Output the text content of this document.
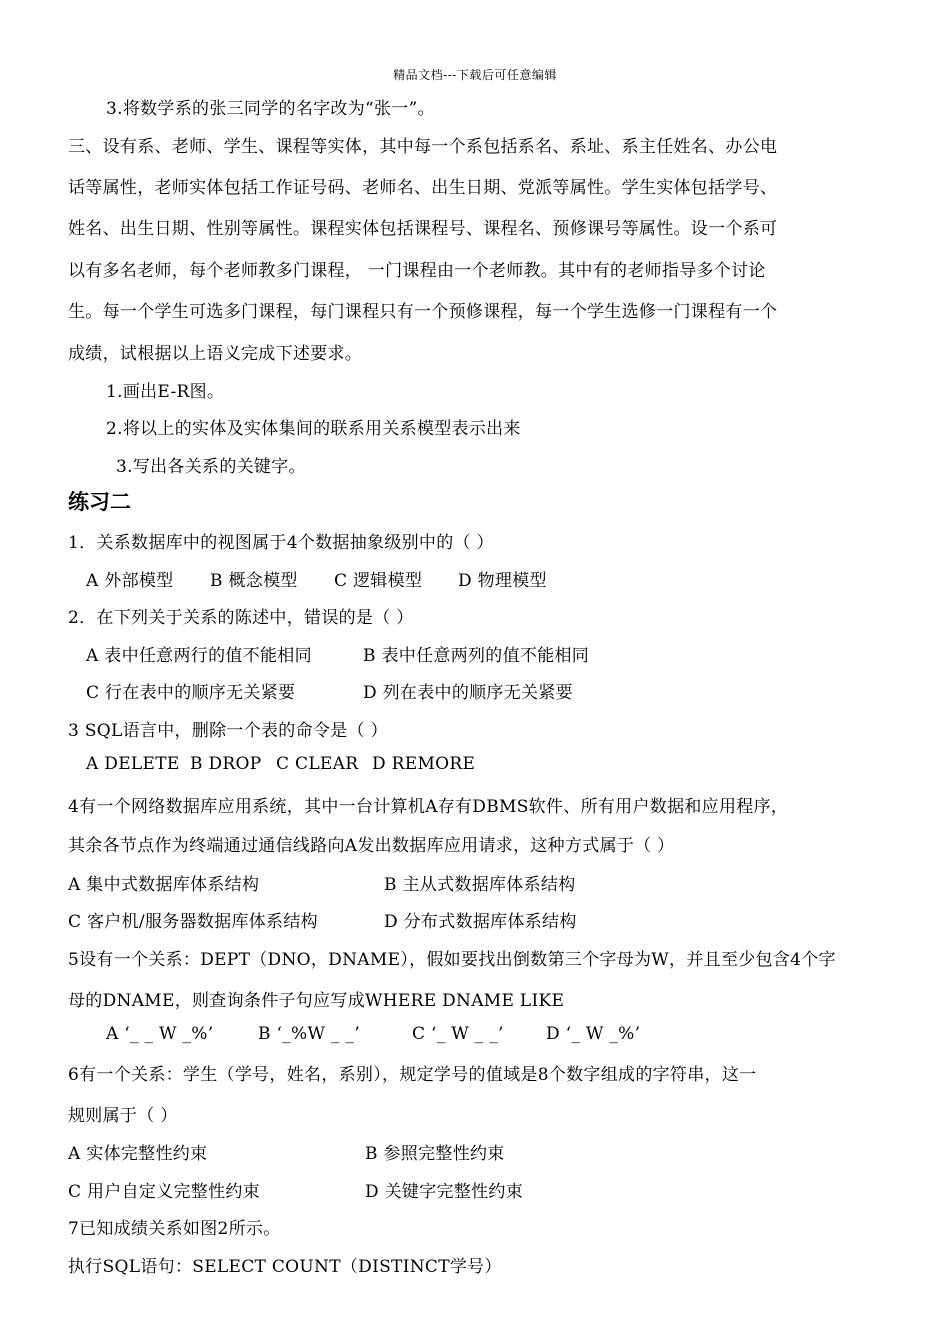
精品文档---下载后可任意编辑
3.将数学系的张三同学的名字改为“张一”。
三、设有系、老师、学生、课程等实体，其中每一个系包括系名、系址、系主任姓名、办公电
话等属性，老师实体包括工作证号码、老师名、出生日期、党派等属性。学生实体包括学号、
姓名、出生日期、性别等属性。课程实体包括课程号、课程名、预修课号等属性。设一个系可
以有多名老师，每个老师教多门课程， 一门课程由一个老师教。其中有的老师指导多个讨论
生。每一个学生可选多门课程，每门课程只有一个预修课程，每一个学生选修一门课程有一个
成绩，试根据以上语义完成下述要求。
1.画出E-R图。
2.将以上的实体及实体集间的联系用关系模型表示出来
3.写出各关系的关键字。
练习二
1．关系数据库中的视图属于4个数据抽象级别中的（ ）
A 外部模型 B 概念模型 C 逻辑模型 D 物理模型
2．在下列关于关系的陈述中，错误的是（ ）
A 表中任意两行的值不能相同	B 表中任意两列的值不能相同
C 行在表中的顺序无关紧要	D 列在表中的顺序无关紧要
3 SQL语言中，删除一个表的命令是（ ）
A DELETE B DROP C CLEAR D REMORE
4有一个网络数据库应用系统，其中一台计算机A存有DBMS软件、所有用户数据和应用程序，
其余各节点作为终端通过通信线路向A发出数据库应用请求，这种方式属于（ ）
A 集中式数据库体系结构	B 主从式数据库体系结构
C 客户机/服务器数据库体系结构	D 分布式数据库体系结构
5设有一个关系：DEPT（DNO，DNAME），假如要找出倒数第三个字母为W，并且至少包含4个字
母的DNAME，则查询条件子句应写成WHERE DNAME LIKE
A ‘_ _ W _%’	B ‘_%W _ _’	C ‘_ W _ _’ D ‘_ W _%’
6有一个关系：学生（学号，姓名，系别），规定学号的值域是8个数字组成的字符串，这一
规则属于（ ）
A 实体完整性约束	B 参照完整性约束
C 用户自定义完整性约束	D 关键字完整性约束
7已知成绩关系如图2所示。
执行SQL语句：SELECT COUNT（DISTINCT学号）
